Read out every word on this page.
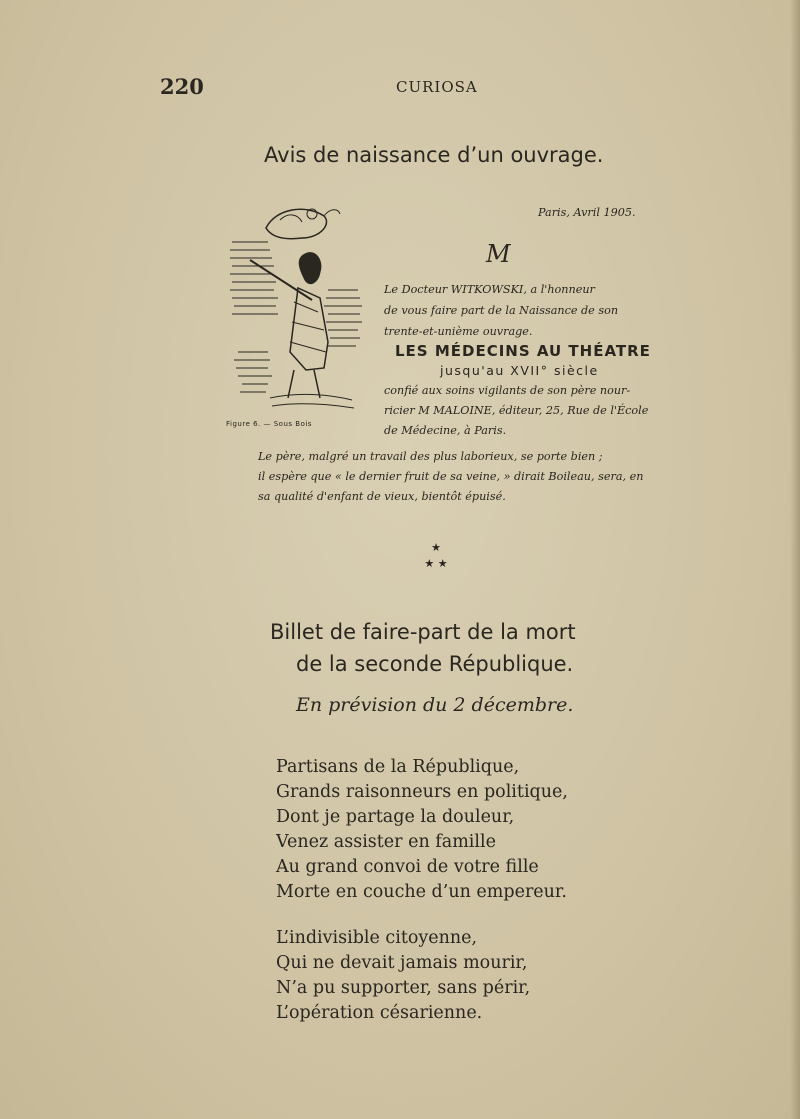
220	CURIOSA
Avis de naissance d’un ouvrage.
Figure 6. — Sous Bois
Paris, Avril 1905.
M
Le Docteur WITKOWSKI, a l'honneur
de vous faire part de la Naissance de son
trente-et-unième ouvrage.
LES MÉDECINS AU THÉATRE
jusqu'au XVII° siècle
confié aux soins vigilants de son père nour-
ricier M MALOINE, éditeur, 25, Rue de l'École
de Médecine, à Paris.
Le père, malgré un travail des plus laborieux, se porte bien ;
il espère que « le dernier fruit de sa veine, » dirait Boileau, sera, en
sa qualité d'enfant de vieux, bientôt épuisé.
★
★ ★
Billet de faire-part de la mort
de la seconde République.
En prévision du 2 décembre.
Partisans de la République,
Grands raisonneurs en politique,
Dont je partage la douleur,
Venez assister en famille
Au grand convoi de votre fille
Morte en couche d’un empereur.
L’indivisible citoyenne,
Qui ne devait jamais mourir,
N’a pu supporter, sans périr,
L’opération césarienne.
